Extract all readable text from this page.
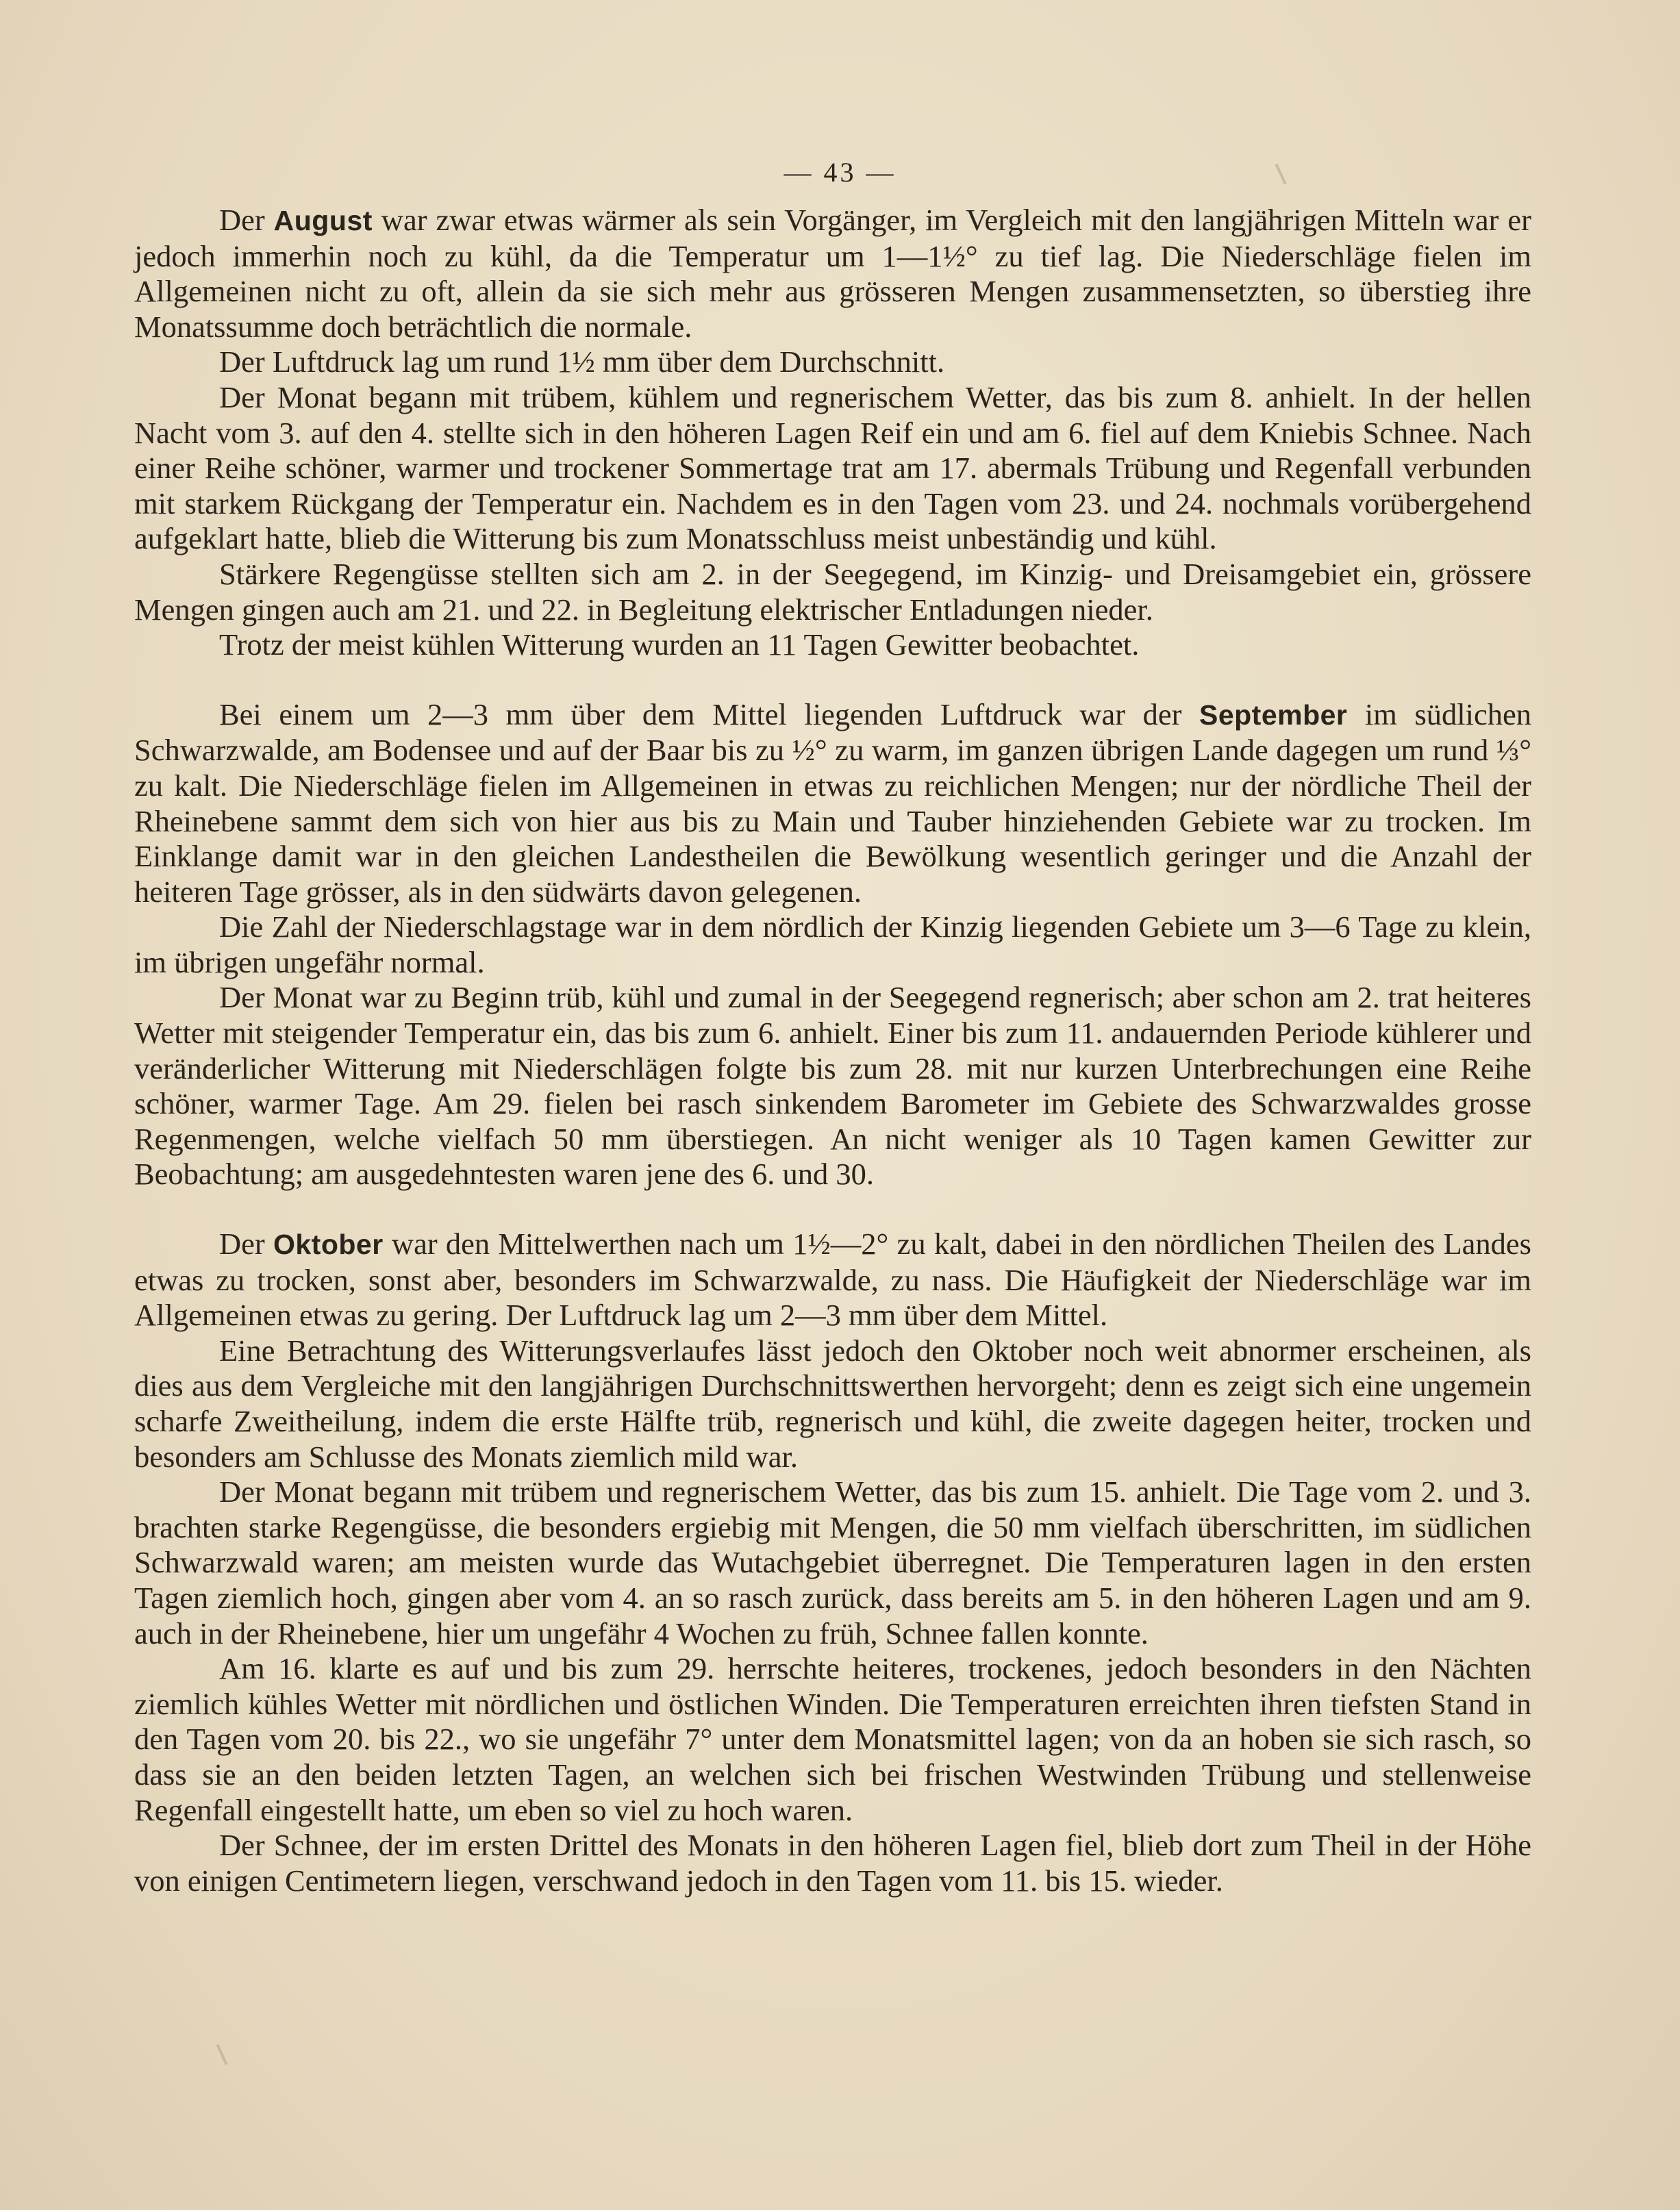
— 43 —

Der August war zwar etwas wärmer als sein Vorgänger, im Vergleich mit den langjährigen Mitteln war er jedoch immerhin noch zu kühl, da die Temperatur um 1—1½° zu tief lag. Die Niederschläge fielen im Allgemeinen nicht zu oft, allein da sie sich mehr aus grösseren Mengen zusammensetzten, so überstieg ihre Monatssumme doch beträchtlich die normale.

Der Luftdruck lag um rund 1½ mm über dem Durchschnitt.

Der Monat begann mit trübem, kühlem und regnerischem Wetter, das bis zum 8. anhielt. In der hellen Nacht vom 3. auf den 4. stellte sich in den höheren Lagen Reif ein und am 6. fiel auf dem Kniebis Schnee. Nach einer Reihe schöner, warmer und trockener Sommertage trat am 17. abermals Trübung und Regenfall verbunden mit starkem Rückgang der Temperatur ein. Nachdem es in den Tagen vom 23. und 24. nochmals vorübergehend aufgeklart hatte, blieb die Witterung bis zum Monatsschluss meist unbeständig und kühl.

Stärkere Regengüsse stellten sich am 2. in der Seegegend, im Kinzig- und Dreisamgebiet ein, grössere Mengen gingen auch am 21. und 22. in Begleitung elektrischer Entladungen nieder.

Trotz der meist kühlen Witterung wurden an 11 Tagen Gewitter beobachtet.

Bei einem um 2—3 mm über dem Mittel liegenden Luftdruck war der September im südlichen Schwarzwalde, am Bodensee und auf der Baar bis zu ½° zu warm, im ganzen übrigen Lande dagegen um rund ⅓° zu kalt. Die Niederschläge fielen im Allgemeinen in etwas zu reichlichen Mengen; nur der nördliche Theil der Rheinebene sammt dem sich von hier aus bis zu Main und Tauber hinziehenden Gebiete war zu trocken. Im Einklange damit war in den gleichen Landestheilen die Bewölkung wesentlich geringer und die Anzahl der heiteren Tage grösser, als in den südwärts davon gelegenen.

Die Zahl der Niederschlagstage war in dem nördlich der Kinzig liegenden Gebiete um 3—6 Tage zu klein, im übrigen ungefähr normal.

Der Monat war zu Beginn trüb, kühl und zumal in der Seegegend regnerisch; aber schon am 2. trat heiteres Wetter mit steigender Temperatur ein, das bis zum 6. anhielt. Einer bis zum 11. andauernden Periode kühlerer und veränderlicher Witterung mit Niederschlägen folgte bis zum 28. mit nur kurzen Unterbrechungen eine Reihe schöner, warmer Tage. Am 29. fielen bei rasch sinkendem Barometer im Gebiete des Schwarzwaldes grosse Regenmengen, welche vielfach 50 mm überstiegen. An nicht weniger als 10 Tagen kamen Gewitter zur Beobachtung; am ausgedehntesten waren jene des 6. und 30.

Der Oktober war den Mittelwerthen nach um 1½—2° zu kalt, dabei in den nördlichen Theilen des Landes etwas zu trocken, sonst aber, besonders im Schwarzwalde, zu nass. Die Häufigkeit der Niederschläge war im Allgemeinen etwas zu gering. Der Luftdruck lag um 2—3 mm über dem Mittel.

Eine Betrachtung des Witterungsverlaufes lässt jedoch den Oktober noch weit abnormer erscheinen, als dies aus dem Vergleiche mit den langjährigen Durchschnittswerthen hervorgeht; denn es zeigt sich eine ungemein scharfe Zweitheilung, indem die erste Hälfte trüb, regnerisch und kühl, die zweite dagegen heiter, trocken und besonders am Schlusse des Monats ziemlich mild war.

Der Monat begann mit trübem und regnerischem Wetter, das bis zum 15. anhielt. Die Tage vom 2. und 3. brachten starke Regengüsse, die besonders ergiebig mit Mengen, die 50 mm vielfach überschritten, im südlichen Schwarzwald waren; am meisten wurde das Wutachgebiet überregnet. Die Temperaturen lagen in den ersten Tagen ziemlich hoch, gingen aber vom 4. an so rasch zurück, dass bereits am 5. in den höheren Lagen und am 9. auch in der Rheinebene, hier um ungefähr 4 Wochen zu früh, Schnee fallen konnte.

Am 16. klarte es auf und bis zum 29. herrschte heiteres, trockenes, jedoch besonders in den Nächten ziemlich kühles Wetter mit nördlichen und östlichen Winden. Die Temperaturen erreichten ihren tiefsten Stand in den Tagen vom 20. bis 22., wo sie ungefähr 7° unter dem Monatsmittel lagen; von da an hoben sie sich rasch, so dass sie an den beiden letzten Tagen, an welchen sich bei frischen Westwinden Trübung und stellenweise Regenfall eingestellt hatte, um eben so viel zu hoch waren.

Der Schnee, der im ersten Drittel des Monats in den höheren Lagen fiel, blieb dort zum Theil in der Höhe von einigen Centimetern liegen, verschwand jedoch in den Tagen vom 11. bis 15. wieder.
